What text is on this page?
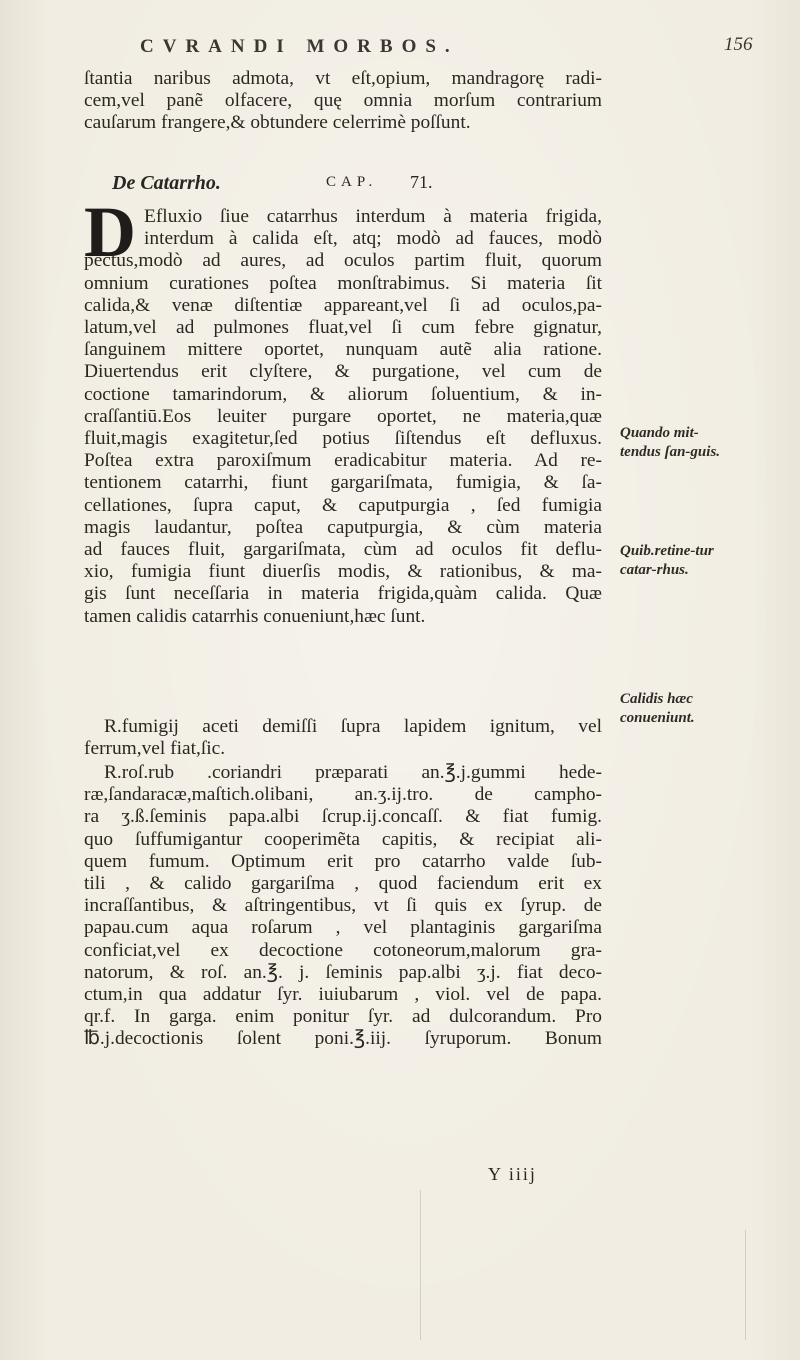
CVRANDI MORBOS.	156
ſtantia naribus admota, vt eſt,opium, mandragorę radi-
cem,vel panẽ olfacere, quę omnia morſum contrarium
cauſarum frangere,& obtundere celerrimè poſſunt.
De Catarrho.	CAP. 71.
D Efluxio ſiue catarrhus interdum à materia frigida,
interdum à calida eſt, atq; modò ad fauces, modò
pectus,modò ad aures, ad oculos partim fluit, quorum
omnium curationes poſtea monſtrabimus. Si materia ſit
calida,& venæ diſtentiæ appareant,vel ſi ad oculos,pa-
latum,vel ad pulmones fluat,vel ſi cum febre gignatur,
ſanguinem mittere oportet, nunquam autẽ alia ratione.
Diuertendus erit clyſtere, & purgatione, vel cum de
coctione tamarindorum, & aliorum ſoluentium, & in-
craſſantiū.Eos leuiter purgare oportet, ne materia,quæ
fluit,magis exagitetur,ſed potius ſiſtendus eſt defluxus.
Poſtea extra paroxiſmum eradicabitur materia. Ad re-
tentionem catarrhi, fiunt gargariſmata, fumigia, & ſa-
cellationes, ſupra caput, & caputpurgia , ſed fumigia
magis laudantur, poſtea caputpurgia, & cùm materia
ad fauces fluit, gargariſmata, cùm ad oculos fit deflu-
xio, fumigia fiunt diuerſis modis, & rationibus, & ma-
gis ſunt neceſſaria in materia frigida,quàm calida. Quæ
tamen calidis catarrhis conueniunt,hæc ſunt.
R.fumigij aceti demiſſi ſupra lapidem ignitum, vel
ferrum,vel fiat,ſic.
R.roſ.rub .coriandri præparati an.℥.j.gummi hede-
ræ,ſandaracæ,maſtich.olibani, an.ʒ.ij.tro. de campho-
ra ʒ.ß.ſeminis papa.albi ſcrup.ij.concaſſ. & fiat fumig.
quo ſuffumigantur cooperimẽta capitis, & recipiat ali-
quem fumum. Optimum erit pro catarrho valde ſub-
tili , & calido gargariſma , quod faciendum erit ex
incraſſantibus, & aſtringentibus, vt ſi quis ex ſyrup. de
papau.cum aqua roſarum , vel plantaginis gargariſma
conficiat,vel ex decoctione cotoneorum,malorum gra-
natorum, & roſ. an.℥. j. ſeminis pap.albi ʒ.j. fiat deco-
ctum,in qua addatur ſyr. iuiubarum , viol. vel de papa.
qr.f. In garga. enim ponitur ſyr. ad dulcorandum. Pro
℔.j.decoctionis ſolent poni.℥.iij. ſyruporum. Bonum
Y iiij
Quando mit-tendus ſan-guis.
Quib.retine-tur catar-rhus.
Calidis hæc conueniunt.
